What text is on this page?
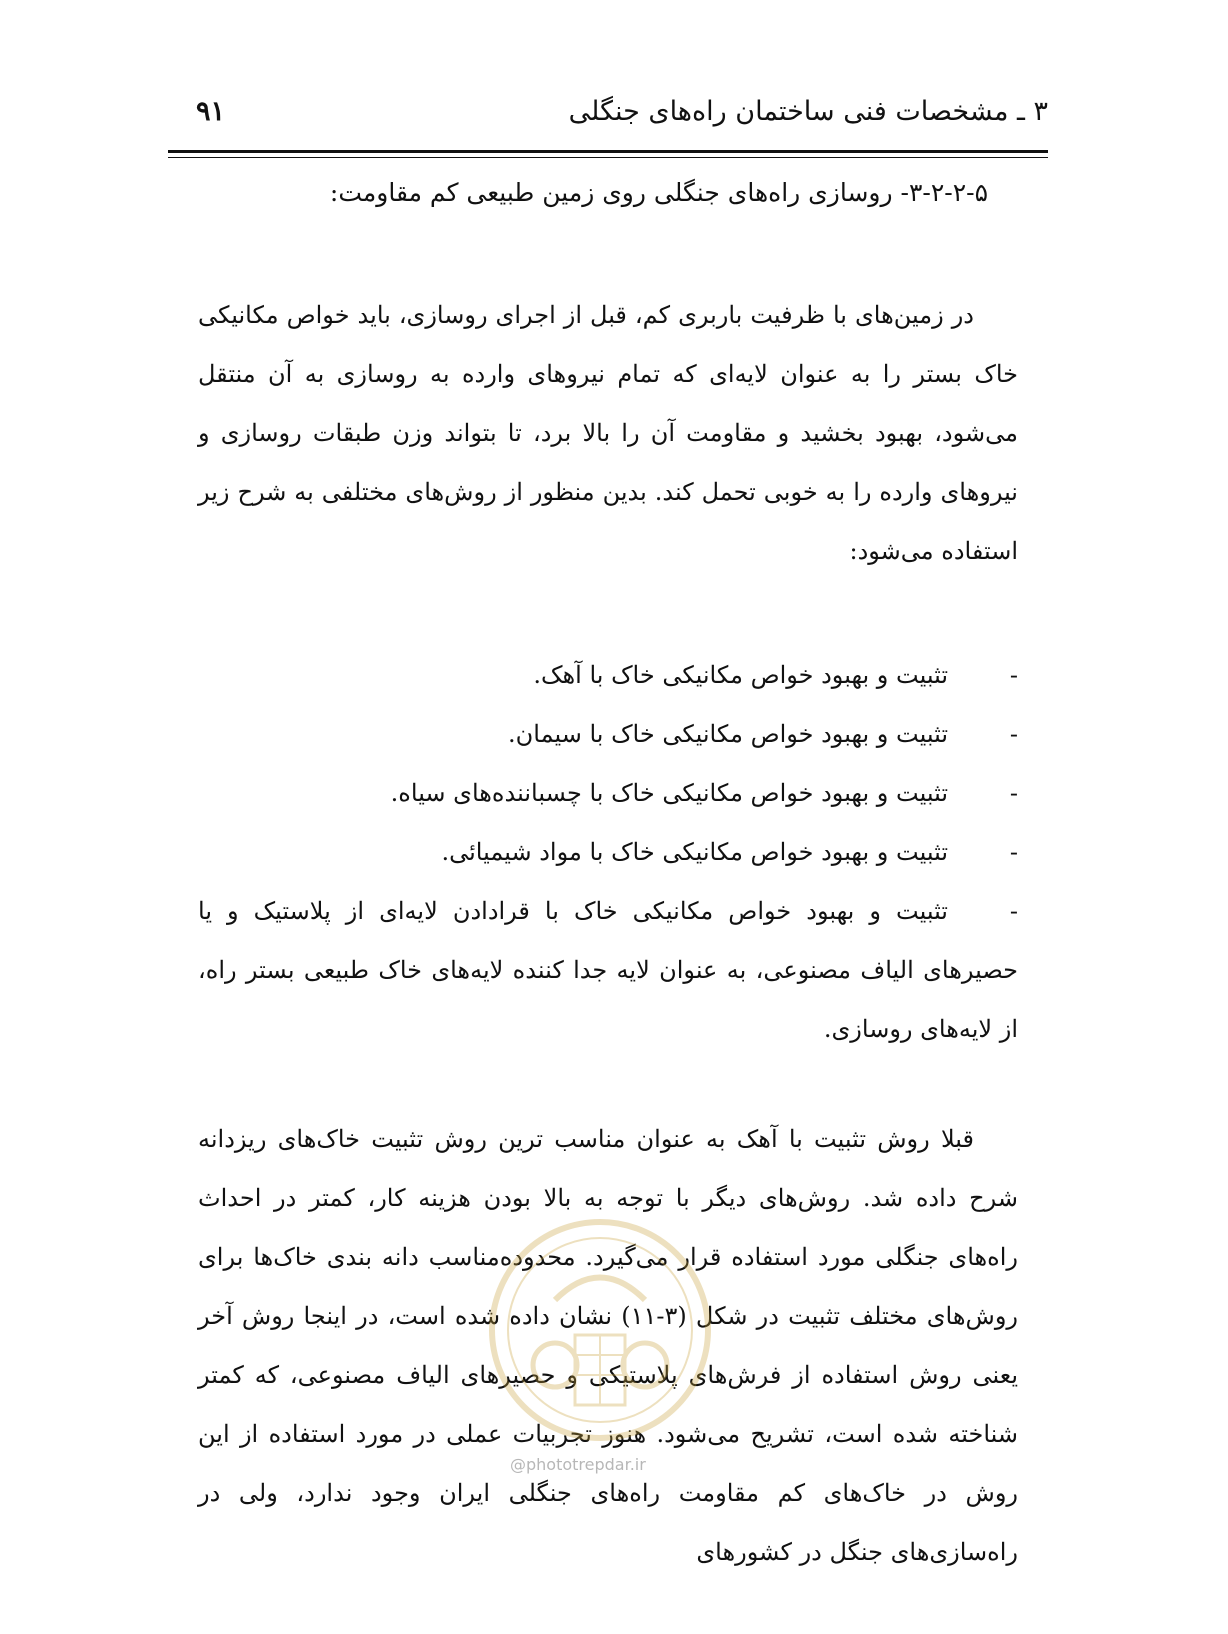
۳ ـ مشخصات فنی ساختمان راه‌های جنگلی
۹۱
۳-۲-۲-۵- روسازی راه‌های جنگلی روی زمین طبیعی کم مقاومت:

در زمین‌های با ظرفیت باربری کم، قبل از اجرای روسازی، باید خواص مکانیکی خاک بستر را به عنوان لایه‌ای که تمام نیروهای وارده به روسازی به آن منتقل می‌شود، بهبود بخشید و مقاومت آن را بالا برد، تا بتواند وزن طبقات روسازی و نیروهای وارده را به خوبی تحمل کند. بدین منظور از روش‌های مختلفی به شرح زیر استفاده می‌شود:

-تثبیت و بهبود خواص مکانیکی خاک با آهک.
-تثبیت و بهبود خواص مکانیکی خاک با سیمان.
-تثبیت و بهبود خواص مکانیکی خاک با چسباننده‌های سیاه.
-تثبیت و بهبود خواص مکانیکی خاک با مواد شیمیائی.
-تثبیت و بهبود خواص مکانیکی خاک با قرادادن لایه‌ای از پلاستیک و یا حصیرهای الیاف مصنوعی، به عنوان لایه جدا کننده لایه‌های خاک طبیعی بستر راه، از لایه‌های روسازی.

قبلا روش تثبیت با آهک به عنوان مناسب ترین روش تثبیت خاک‌های ریزدانه شرح داده شد. روش‌های دیگر با توجه به بالا بودن هزینه کار، کمتر در احداث راه‌های جنگلی مورد استفاده قرار می‌گیرد. محدوده‌مناسب دانه بندی خاک‌ها برای روش‌های مختلف تثبیت در شکل (۳-۱۱) نشان داده شده است، در اینجا روش آخر یعنی روش استفاده از فرش‌های پلاستیکی و حصیرهای الیاف مصنوعی، که کمتر شناخته شده است، تشریح می‌شود. هنوز تجربیات عملی در مورد استفاده از این روش در خاک‌های کم مقاومت راه‌های جنگلی ایران وجود ندارد، ولی در راه‌سازی‌های جنگل در کشورهای

@phototrepdar.ir
